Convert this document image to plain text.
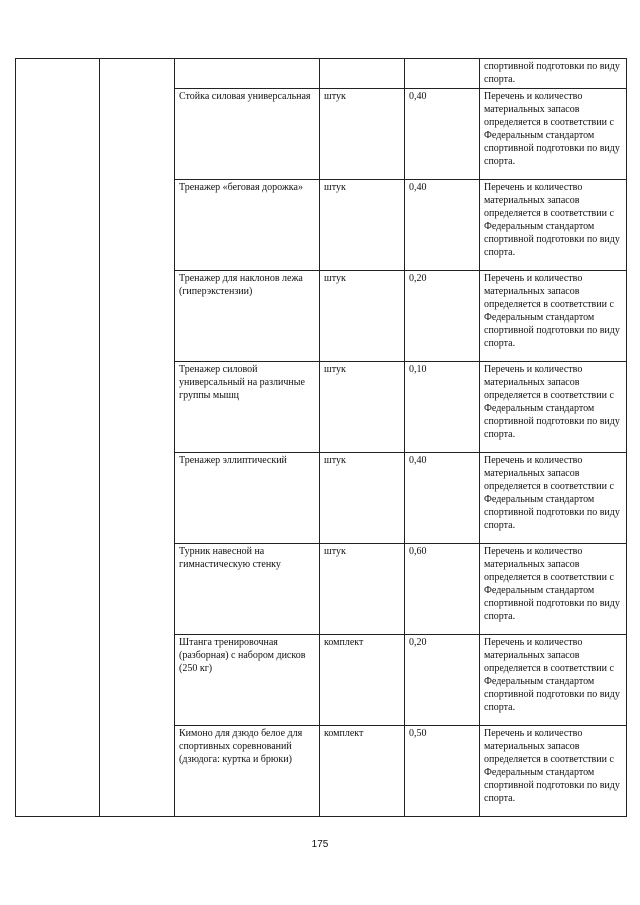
					спортивной подготовки по виду спорта.
		Стойка силовая универсальная	штук	0,40	Перечень и количество материальных запасов определяется в соответствии с Федеральным стандартом спортивной подготовки по виду спорта.
		Тренажер «беговая дорожка»	штук	0,40	Перечень и количество материальных запасов определяется в соответствии с Федеральным стандартом спортивной подготовки по виду спорта.
		Тренажер для наклонов лежа (гиперэкстензии)	штук	0,20	Перечень и количество материальных запасов определяется в соответствии с Федеральным стандартом спортивной подготовки по виду спорта.
		Тренажер силовой универсальный на различные группы мышц	штук	0,10	Перечень и количество материальных запасов определяется в соответствии с Федеральным стандартом спортивной подготовки по виду спорта.
		Тренажер эллиптический	штук	0,40	Перечень и количество материальных запасов определяется в соответствии с Федеральным стандартом спортивной подготовки по виду спорта.
		Турник навесной на гимнастическую стенку	штук	0,60	Перечень и количество материальных запасов определяется в соответствии с Федеральным стандартом спортивной подготовки по виду спорта.
		Штанга тренировочная (разборная) с набором дисков (250 кг)	комплект	0,20	Перечень и количество материальных запасов определяется в соответствии с Федеральным стандартом спортивной подготовки по виду спорта.
		Кимоно для дзюдо белое для спортивных соревнований (дзюдога: куртка и брюки)	комплект	0,50	Перечень и количество материальных запасов определяется в соответствии с Федеральным стандартом спортивной подготовки по виду спорта.
175
